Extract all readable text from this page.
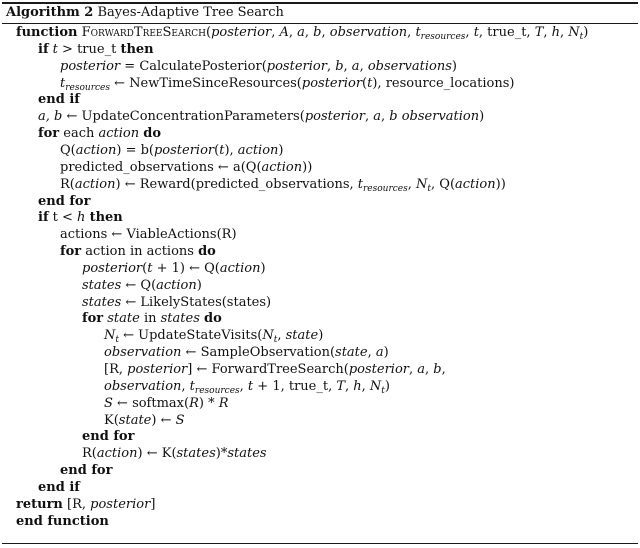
Algorithm 2 Bayes-Adaptive Tree Search
function ForwardTreeSearch(posterior, A, a, b, observation, $t_{resources}$, t, true_t, T, h, $N_t$)
if t > true_t then
posterior = CalculatePosterior(posterior, b, a, observations)
$t_{resources}$ ← NewTimeSinceResources(posterior(t), resource_locations)
end if
a, b ← UpdateConcentrationParameters(posterior, a, b observation)
for each action do
Q(action) = b(posterior(t), action)
predicted_observations ← a(Q(action))
R(action) ← Reward(predicted_observations, $t_{resources}$, $N_t$, Q(action))
end for
if t < h then
actions ← ViableActions(R)
for action in actions do
posterior(t + 1) ← Q(action)
states ← Q(action)
states ← LikelyStates(states)
for state in states do
$N_t$ ← $UpdateStateVisits(N_t$, state)
observation ← SampleObservation(state, a)
[R, posterior] ← ForwardTreeSearch(posterior, a, b,
observation, $t_{resources}$, t + 1, true_t, T, h, $N_t$)
S ← softmax(R) * R
K(state) ← S
end for
R(action) ← K(states)*states
end for
end if
return [R, posterior]
end function
